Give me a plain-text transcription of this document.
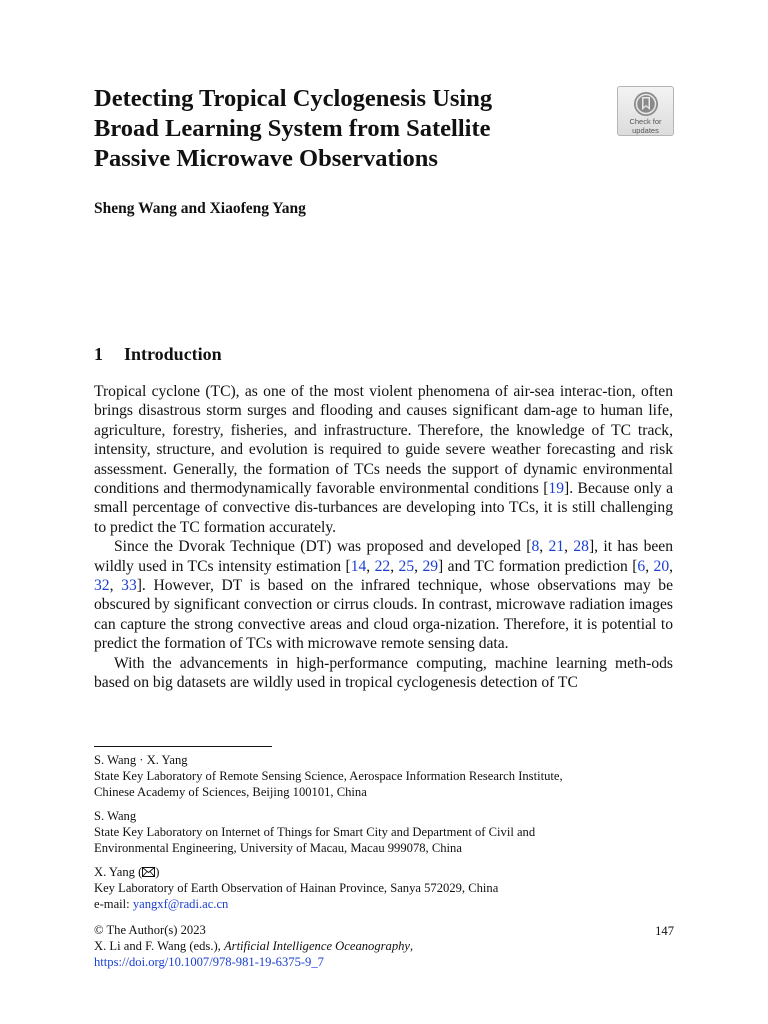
Detecting Tropical Cyclogenesis Using
Broad Learning System from Satellite
Passive Microwave Observations
Check for
updates
Sheng Wang and Xiaofeng Yang
1 Introduction

Tropical cyclone (TC), as one of the most violent phenomena of air-sea interac-tion, often brings disastrous storm surges and flooding and causes significant dam-age to human life, agriculture, forestry, fisheries, and infrastructure. Therefore, the knowledge of TC track, intensity, structure, and evolution is required to guide severe weather forecasting and risk assessment. Generally, the formation of TCs needs the support of dynamic environmental conditions and thermodynamically favorable environmental conditions [19]. Because only a small percentage of convective dis-turbances are developing into TCs, it is still challenging to predict the TC formation accurately.

Since the Dvorak Technique (DT) was proposed and developed [8, 21, 28], it has been wildly used in TCs intensity estimation [14, 22, 25, 29] and TC formation prediction [6, 20, 32, 33]. However, DT is based on the infrared technique, whose observations may be obscured by significant convection or cirrus clouds. In contrast, microwave radiation images can capture the strong convective areas and cloud orga-nization. Therefore, it is potential to predict the formation of TCs with microwave remote sensing data.

With the advancements in high-performance computing, machine learning meth-ods based on big datasets are wildly used in tropical cyclogenesis detection of TC

S. Wang · X. Yang
State Key Laboratory of Remote Sensing Science, Aerospace Information Research Institute,
Chinese Academy of Sciences, Beijing 100101, China
S. Wang
State Key Laboratory on Internet of Things for Smart City and Department of Civil and
Environmental Engineering, University of Macau, Macau 999078, China
X. Yang ( )
Key Laboratory of Earth Observation of Hainan Province, Sanya 572029, China
e-mail: yangxf@radi.ac.cn
© The Author(s) 2023
X. Li and F. Wang (eds.), Artificial Intelligence Oceanography,
https://doi.org/10.1007/978-981-19-6375-9_7
147
